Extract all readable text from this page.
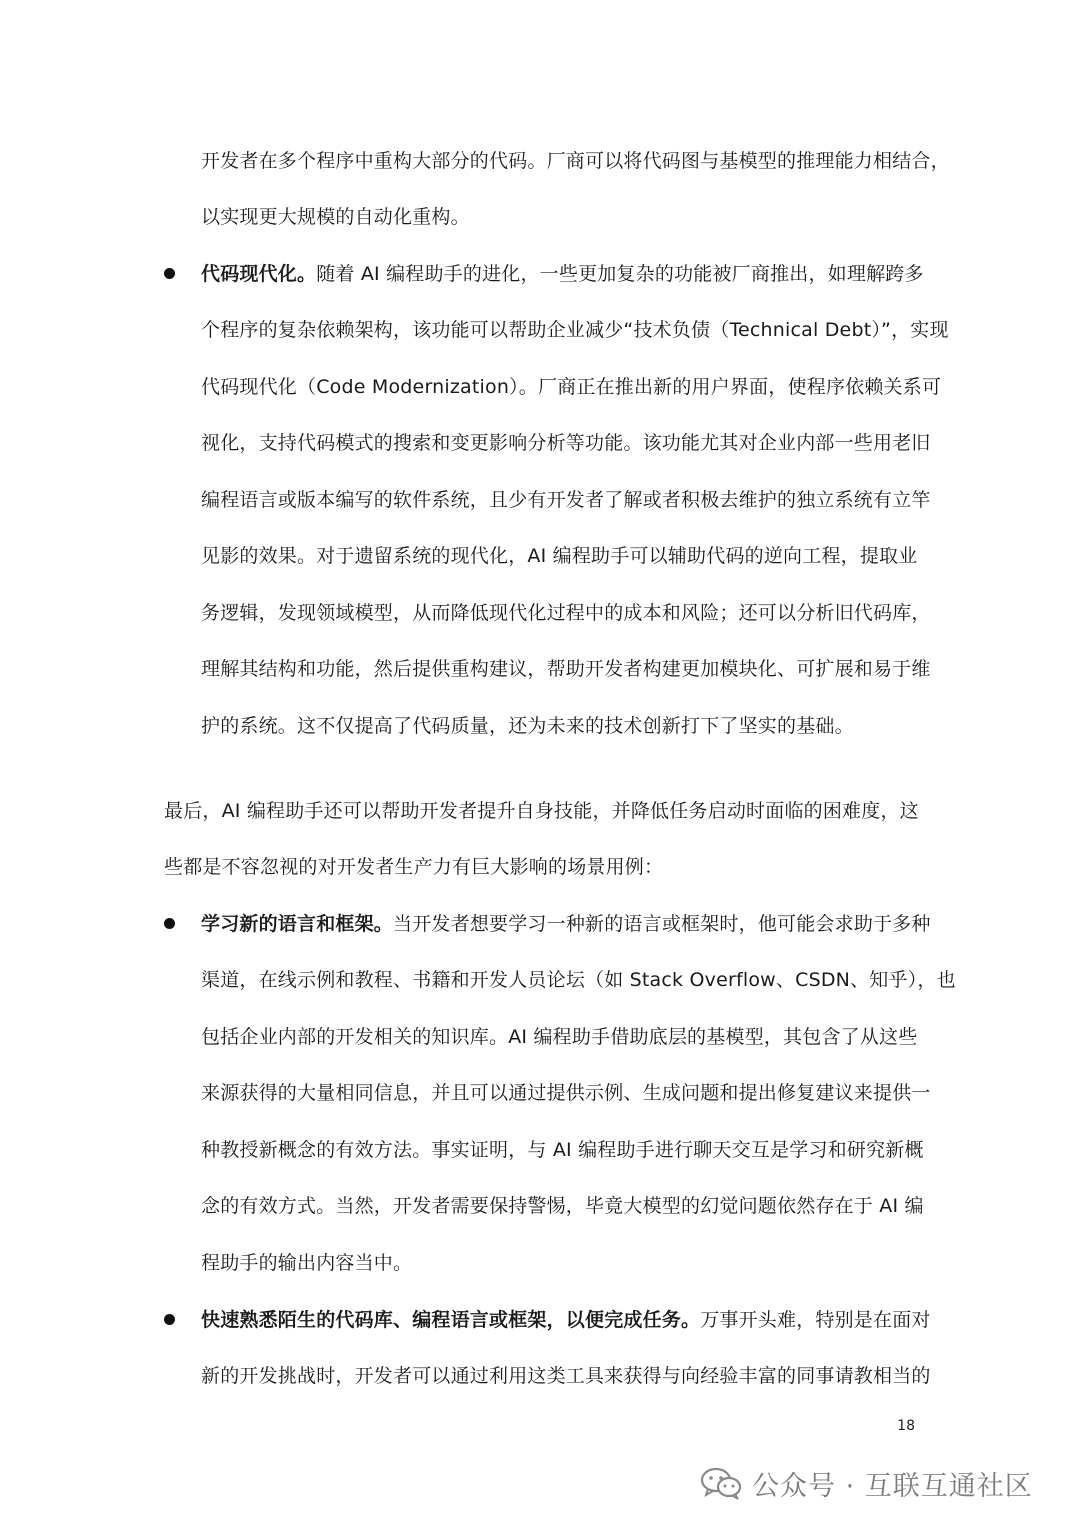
开发者在多个程序中重构大部分的代码。厂商可以将代码图与基模型的推理能力相结合，
以实现更大规模的自动化重构。
代码现代化。随着 AI 编程助手的进化，一些更加复杂的功能被厂商推出，如理解跨多
个程序的复杂依赖架构，该功能可以帮助企业减少“技术负债（Technical Debt）”，实现
代码现代化（Code Modernization）。厂商正在推出新的用户界面，使程序依赖关系可
视化，支持代码模式的搜索和变更影响分析等功能。该功能尤其对企业内部一些用老旧
编程语言或版本编写的软件系统，且少有开发者了解或者积极去维护的独立系统有立竿
见影的效果。对于遗留系统的现代化，AI 编程助手可以辅助代码的逆向工程，提取业
务逻辑，发现领域模型，从而降低现代化过程中的成本和风险；还可以分析旧代码库，
理解其结构和功能，然后提供重构建议，帮助开发者构建更加模块化、可扩展和易于维
护的系统。这不仅提高了代码质量，还为未来的技术创新打下了坚实的基础。
最后，AI 编程助手还可以帮助开发者提升自身技能，并降低任务启动时面临的困难度，这
些都是不容忽视的对开发者生产力有巨大影响的场景用例：
学习新的语言和框架。当开发者想要学习一种新的语言或框架时，他可能会求助于多种
渠道，在线示例和教程、书籍和开发人员论坛（如 Stack Overflow、CSDN、知乎），也
包括企业内部的开发相关的知识库。AI 编程助手借助底层的基模型，其包含了从这些
来源获得的大量相同信息，并且可以通过提供示例、生成问题和提出修复建议来提供一
种教授新概念的有效方法。事实证明，与 AI 编程助手进行聊天交互是学习和研究新概
念的有效方式。当然，开发者需要保持警惕，毕竟大模型的幻觉问题依然存在于 AI 编
程助手的输出内容当中。
快速熟悉陌生的代码库、编程语言或框架，以便完成任务。万事开头难，特别是在面对
新的开发挑战时，开发者可以通过利用这类工具来获得与向经验丰富的同事请教相当的
18
公众号 · 互联互通社区
